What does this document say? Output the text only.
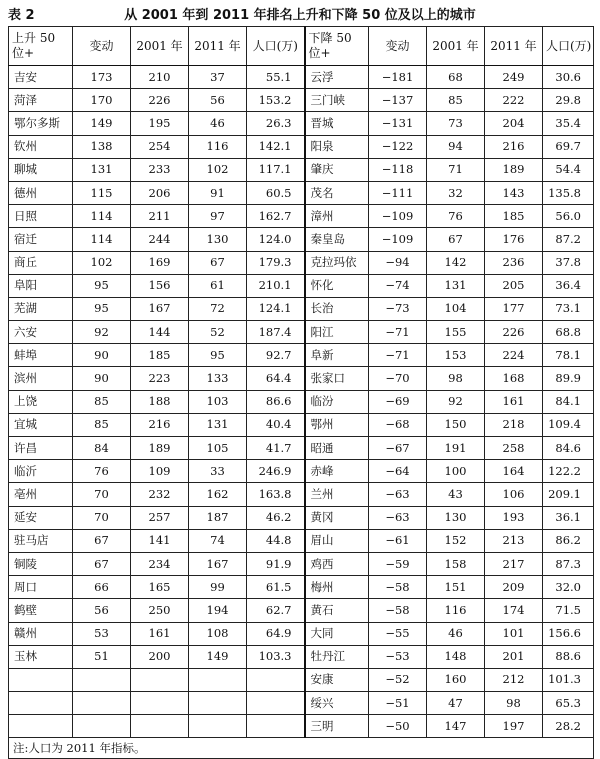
表 2	从 2001 年到 2011 年排名上升和下降 50 位及以上的城市
上升 50 位+	变动	2001 年	2011 年	人口(万)	下降 50 位+	变动	2001 年	2011 年	人口(万)
吉安	173	210	37	55.1	云浮	−181	68	249	30.6
菏泽	170	226	56	153.2	三门峡	−137	85	222	29.8
鄂尔多斯	149	195	46	26.3	晋城	−131	73	204	35.4
钦州	138	254	116	142.1	阳泉	−122	94	216	69.7
聊城	131	233	102	117.1	肇庆	−118	71	189	54.4
德州	115	206	91	60.5	茂名	−111	32	143	135.8
日照	114	211	97	162.7	漳州	−109	76	185	56.0
宿迁	114	244	130	124.0	秦皇岛	−109	67	176	87.2
商丘	102	169	67	179.3	克拉玛依	−94	142	236	37.8
阜阳	95	156	61	210.1	怀化	−74	131	205	36.4
芜湖	95	167	72	124.1	长治	−73	104	177	73.1
六安	92	144	52	187.4	阳江	−71	155	226	68.8
蚌埠	90	185	95	92.7	阜新	−71	153	224	78.1
滨州	90	223	133	64.4	张家口	−70	98	168	89.9
上饶	85	188	103	86.6	临汾	−69	92	161	84.1
宜城	85	216	131	40.4	鄂州	−68	150	218	109.4
许昌	84	189	105	41.7	昭通	−67	191	258	84.6
临沂	76	109	33	246.9	赤峰	−64	100	164	122.2
亳州	70	232	162	163.8	兰州	−63	43	106	209.1
延安	70	257	187	46.2	黄冈	−63	130	193	36.1
驻马店	67	141	74	44.8	眉山	−61	152	213	86.2
铜陵	67	234	167	91.9	鸡西	−59	158	217	87.3
周口	66	165	99	61.5	梅州	−58	151	209	32.0
鹤壁	56	250	194	62.7	黄石	−58	116	174	71.5
赣州	53	161	108	64.9	大同	−55	46	101	156.6
玉林	51	200	149	103.3	牡丹江	−53	148	201	88.6
					安康	−52	160	212	101.3
					绥兴	−51	47	98	65.3
					三明	−50	147	197	28.2
注:人口为 2011 年指标。									
